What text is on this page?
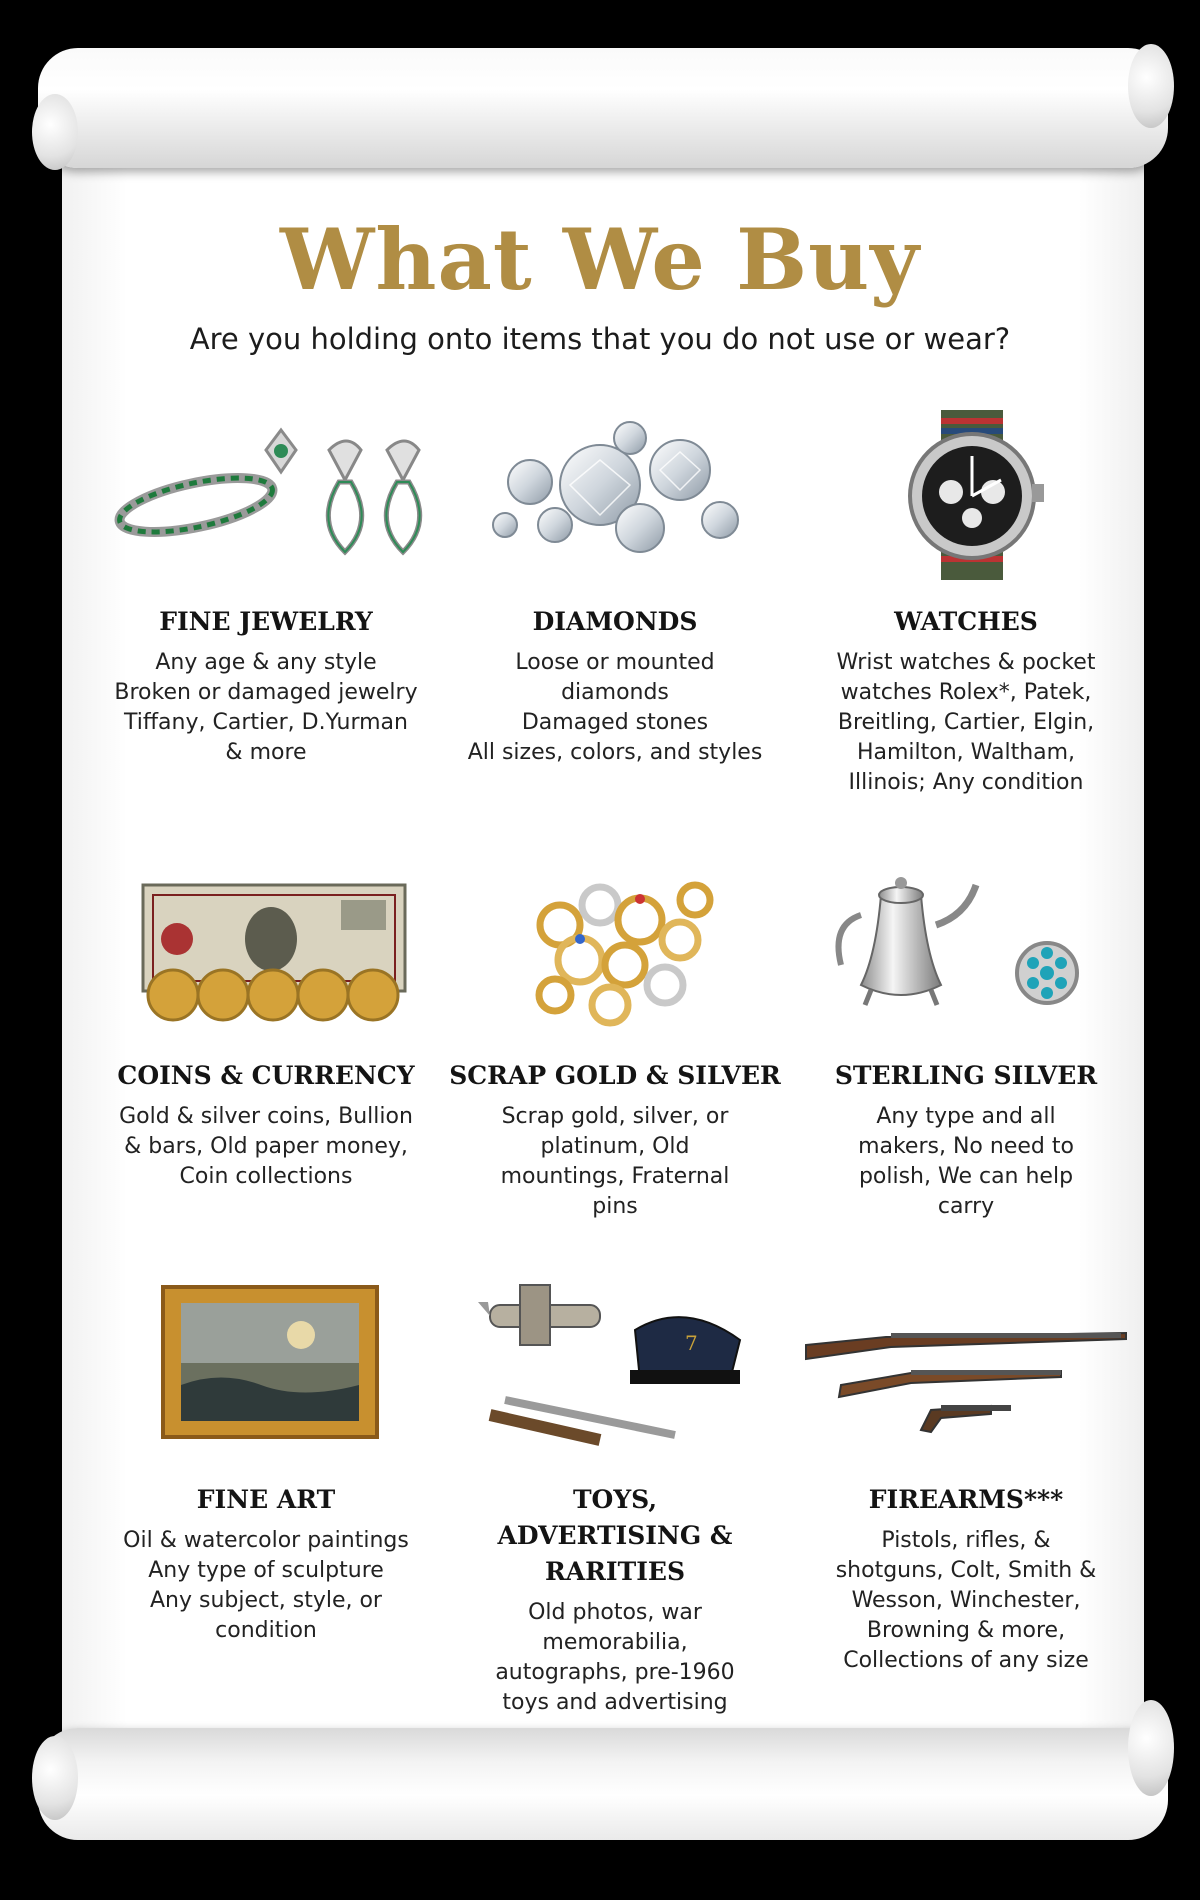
What We Buy
Are you holding onto items that you do not use or wear?
FINE JEWELRY

Any age & any style
Broken or damaged jewelry
Tiffany, Cartier, D.Yurman
& more

DIAMONDS

Loose or mounted
diamonds
Damaged stones
All sizes, colors, and styles

WATCHES

Wrist watches & pocket
watches Rolex*, Patek,
Breitling, Cartier, Elgin,
Hamilton, Waltham,
Illinois; Any condition

COINS & CURRENCY

Gold & silver coins, Bullion
& bars, Old paper money,
Coin collections

SCRAP GOLD & SILVER

Scrap gold, silver, or
platinum, Old
mountings, Fraternal
pins

STERLING SILVER

Any type and all
makers, No need to
polish, We can help
carry

FINE ART

Oil & watercolor paintings
Any type of sculpture
Any subject, style, or
condition

7
TOYS, ADVERTISING & RARITIES

Old photos, war
memorabilia,
autographs, pre-1960
toys and advertising

FIREARMS***

Pistols, rifles, &
shotguns, Colt, Smith &
Wesson, Winchester,
Browning & more,
Collections of any size
